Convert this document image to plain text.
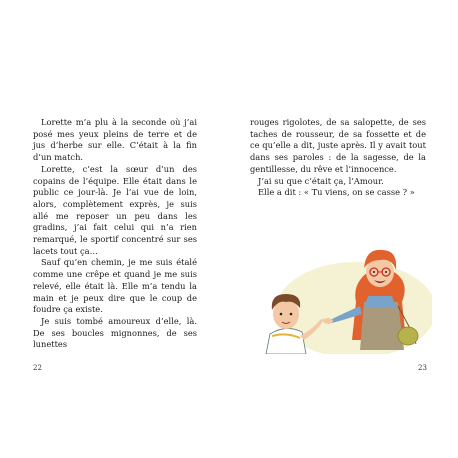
Lorette m’a plu à la seconde où j’ai posé mes yeux pleins de terre et de jus d’herbe sur elle. C’était à la fin d’un match.

Lorette, c’est la sœur d’un des copains de l’équipe. Elle était dans le public ce jour-là. Je l’ai vue de loin, alors, complètement exprès, je suis allé me reposer un peu dans les gradins, j’ai fait celui qui n’a rien remarqué, le sportif concentré sur ses lacets tout ça…

Sauf qu’en chemin, je me suis étalé comme une crêpe et quand je me suis relevé, elle était là. Elle m’a tendu la main et je peux dire que le coup de foudre ça existe.

Je suis tombé amoureux d’elle, là. De ses boucles mignonnes, de ses lunettes

22

rouges rigolotes, de sa salopette, de ses taches de rousseur, de sa fossette et de ce qu’elle a dit, juste après. Il y avait tout dans ses paroles : de la sagesse, de la gentillesse, du rêve et l’innocence.

J’ai su que c’était ça, l’Amour.

Elle a dit : « Tu viens, on se casse ? »

23
